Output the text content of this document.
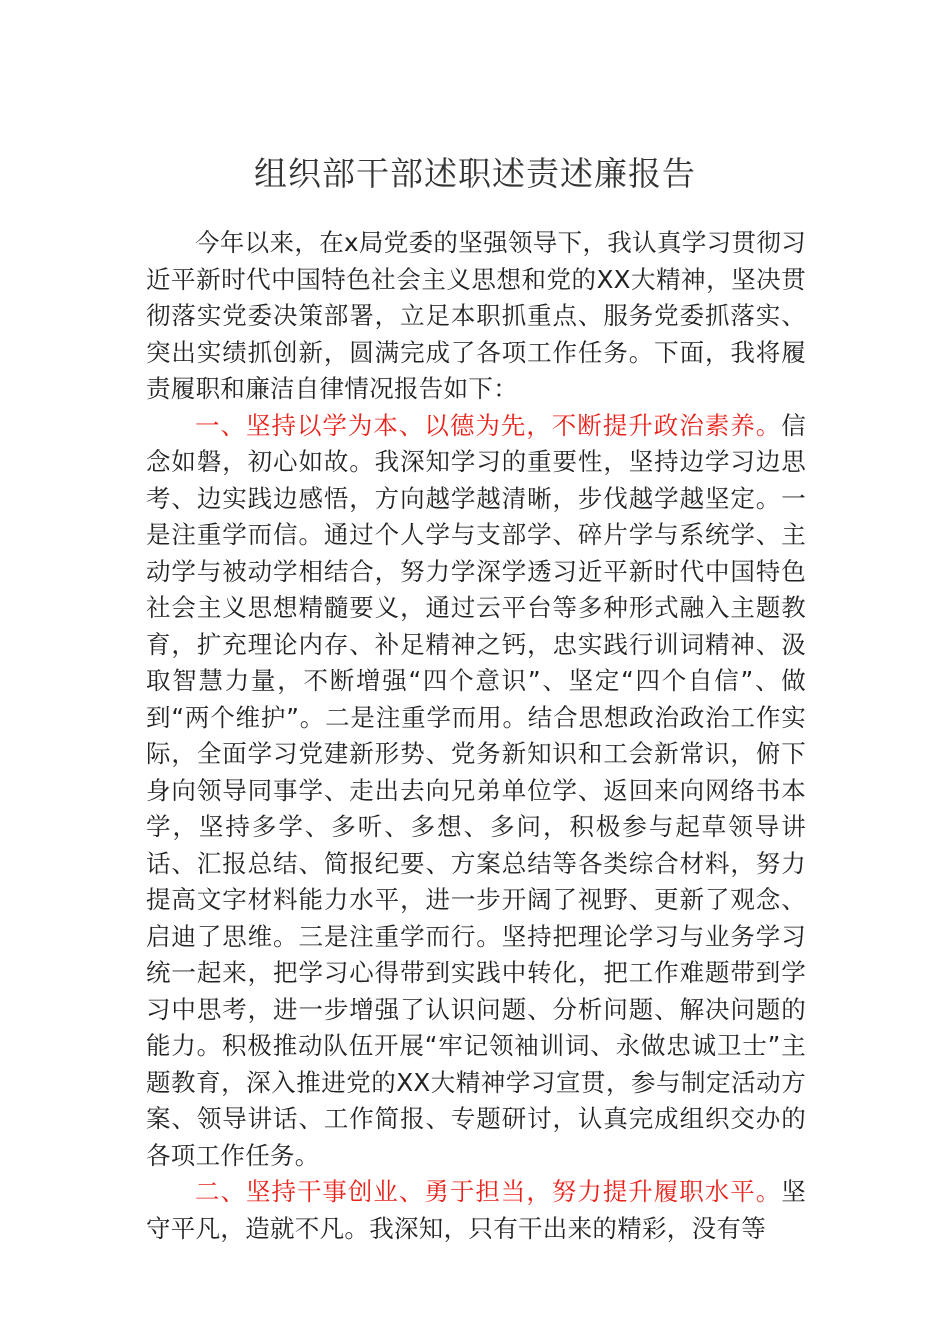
组织部干部述职述责述廉报告

今年以来，在x局党委的坚强领导下，我认真学习贯彻习近平新时代中国特色社会主义思想和党的XX大精神，坚决贯彻落实党委决策部署，立足本职抓重点、服务党委抓落实、突出实绩抓创新，圆满完成了各项工作任务。下面，我将履责履职和廉洁自律情况报告如下：

一、坚持以学为本、以德为先，不断提升政治素养。信念如磐，初心如故。我深知学习的重要性，坚持边学习边思考、边实践边感悟，方向越学越清晰，步伐越学越坚定。一是注重学而信。通过个人学与支部学、碎片学与系统学、主动学与被动学相结合，努力学深学透习近平新时代中国特色社会主义思想精髓要义，通过云平台等多种形式融入主题教育，扩充理论内存、补足精神之钙，忠实践行训词精神、汲取智慧力量，不断增强“四个意识”、坚定“四个自信”、做到“两个维护”。二是注重学而用。结合思想政治政治工作实际，全面学习党建新形势、党务新知识和工会新常识，俯下身向领导同事学、走出去向兄弟单位学、返回来向网络书本学，坚持多学、多听、多想、多问，积极参与起草领导讲话、汇报总结、简报纪要、方案总结等各类综合材料，努力提高文字材料能力水平，进一步开阔了视野、更新了观念、启迪了思维。三是注重学而行。坚持把理论学习与业务学习统一起来，把学习心得带到实践中转化，把工作难题带到学习中思考，进一步增强了认识问题、分析问题、解决问题的能力。积极推动队伍开展“牢记领袖训词、永做忠诚卫士”主题教育，深入推进党的XX大精神学习宣贯，参与制定活动方案、领导讲话、工作简报、专题研讨，认真完成组织交办的各项工作任务。

二、坚持干事创业、勇于担当，努力提升履职水平。坚守平凡，造就不凡。我深知，只有干出来的精彩，没有等
